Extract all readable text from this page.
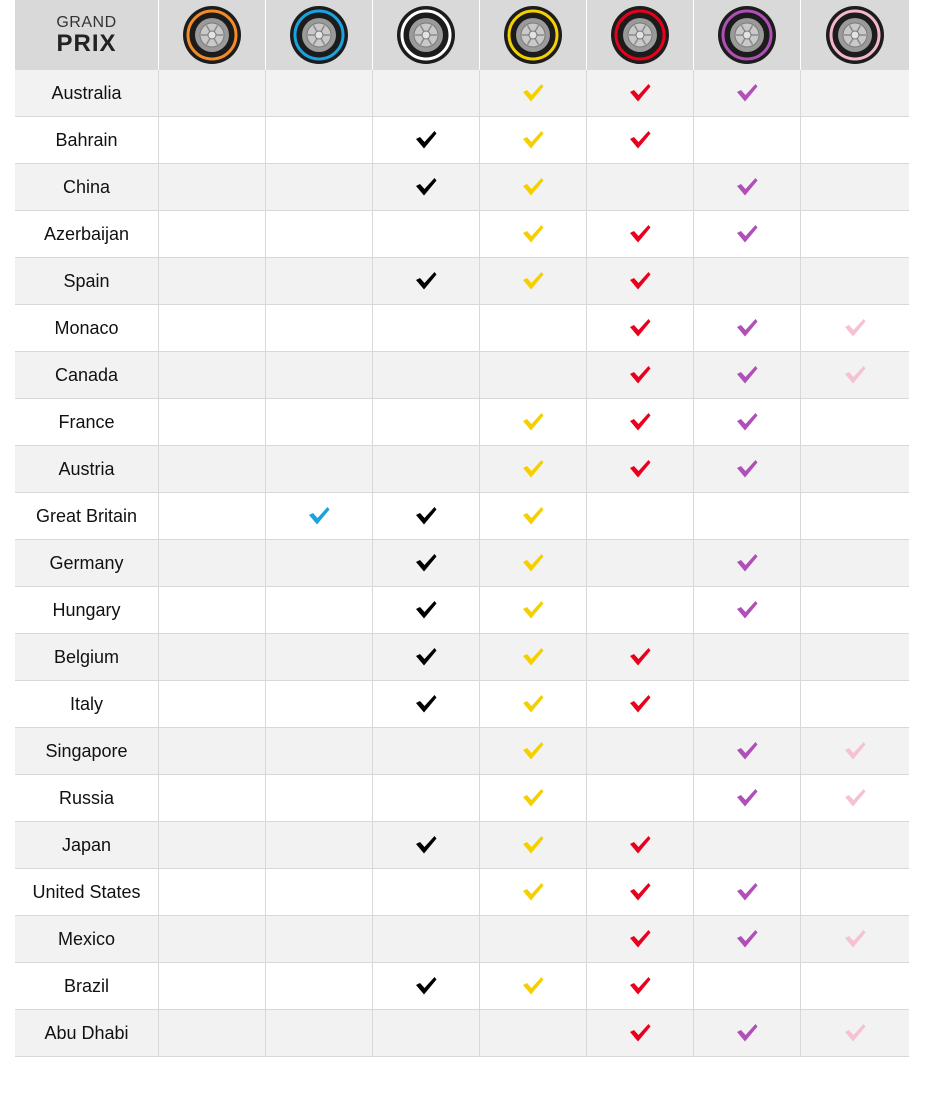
GRAND
PRIX
Australia
Bahrain
China
Azerbaijan
Spain
Monaco
Canada
France
Austria
Great Britain
Germany
Hungary
Belgium
Italy
Singapore
Russia
Japan
United States
Mexico
Brazil
Abu Dhabi
